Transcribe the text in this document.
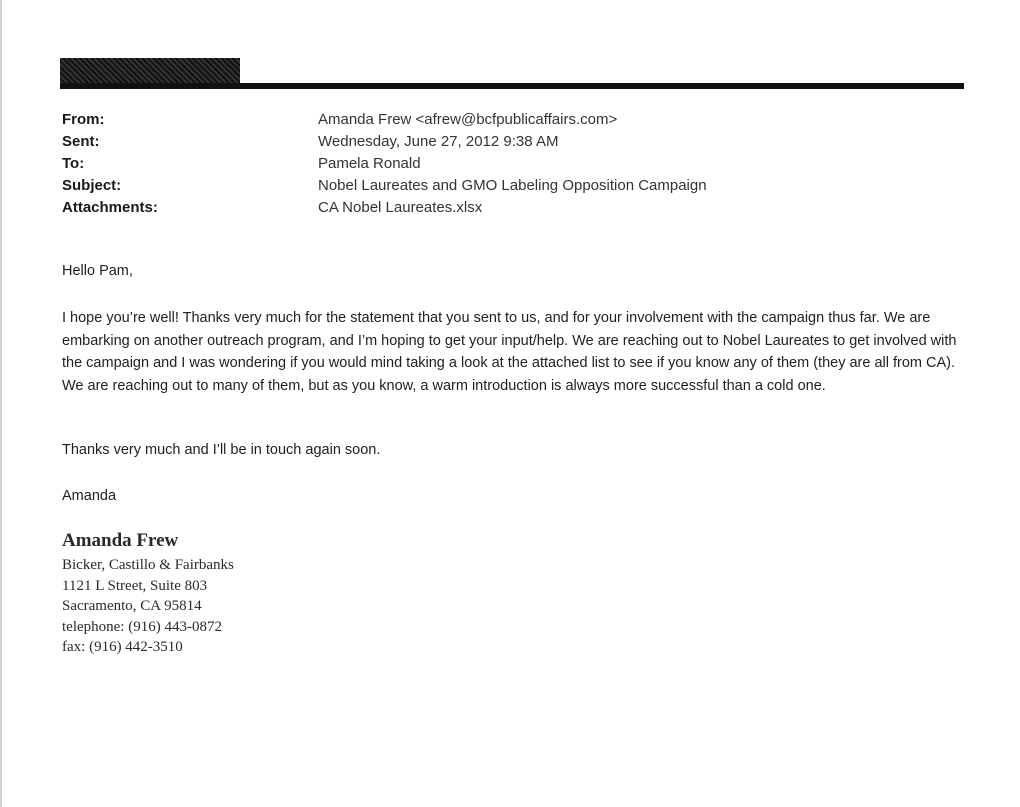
From:	Amanda Frew <afrew@bcfpublicaffairs.com>
Sent:	Wednesday, June 27, 2012 9:38 AM
To:	Pamela Ronald
Subject:	Nobel Laureates and GMO Labeling Opposition Campaign
Attachments:	CA Nobel Laureates.xlsx
Hello Pam,
I hope you’re well! Thanks very much for the statement that you sent to us, and for your involvement with the campaign thus far. We are embarking on another outreach program, and I’m hoping to get your input/help. We are reaching out to Nobel Laureates to get involved with the campaign and I was wondering if you would mind taking a look at the attached list to see if you know any of them (they are all from CA). We are reaching out to many of them, but as you know, a warm introduction is always more successful than a cold one.
Thanks very much and I’ll be in touch again soon.
Amanda
Amanda Frew
Bicker, Castillo & Fairbanks
1121 L Street, Suite 803
Sacramento, CA 95814
telephone: (916) 443-0872
fax: (916) 442-3510
